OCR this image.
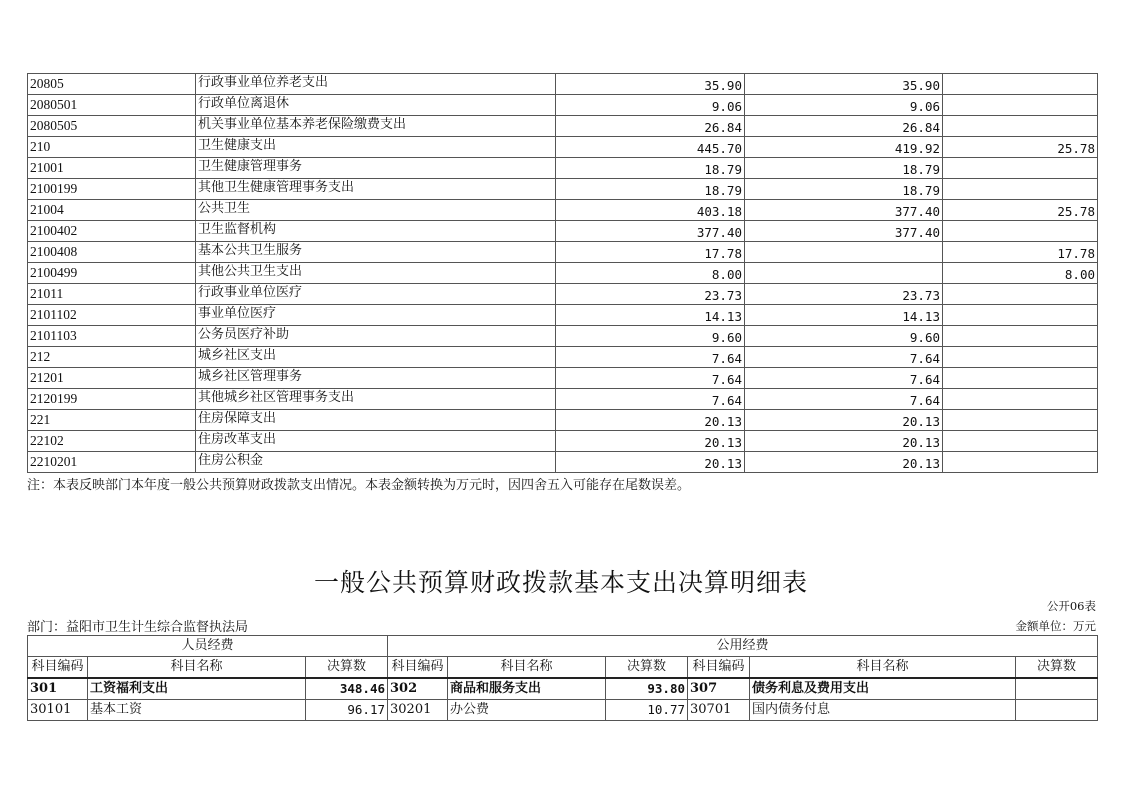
20805	行政事业单位养老支出	35.90	35.90	
2080501	行政单位离退休	9.06	9.06	
2080505	机关事业单位基本养老保险缴费支出	26.84	26.84	
210	卫生健康支出	445.70	419.92	25.78
21001	卫生健康管理事务	18.79	18.79	
2100199	其他卫生健康管理事务支出	18.79	18.79	
21004	公共卫生	403.18	377.40	25.78
2100402	卫生监督机构	377.40	377.40	
2100408	基本公共卫生服务	17.78		17.78
2100499	其他公共卫生支出	8.00		8.00
21011	行政事业单位医疗	23.73	23.73	
2101102	事业单位医疗	14.13	14.13	
2101103	公务员医疗补助	9.60	9.60	
212	城乡社区支出	7.64	7.64	
21201	城乡社区管理事务	7.64	7.64	
2120199	其他城乡社区管理事务支出	7.64	7.64	
221	住房保障支出	20.13	20.13	
22102	住房改革支出	20.13	20.13	
2210201	住房公积金	20.13	20.13	
注：本表反映部门本年度一般公共预算财政拨款支出情况。本表金额转换为万元时，因四舍五入可能存在尾数误差。
一般公共预算财政拨款基本支出决算明细表
公开06表
部门：益阳市卫生计生综合监督执法局	金额单位：万元
人员经费			公用经费					
科目编码	科目名称	决算数	科目编码	科目名称	决算数	科目编码	科目名称	决算数
301	工资福利支出	348.46	302	商品和服务支出	93.80	307	债务利息及费用支出	
30101	基本工资	96.17	30201	办公费	10.77	30701	国内债务付息	
